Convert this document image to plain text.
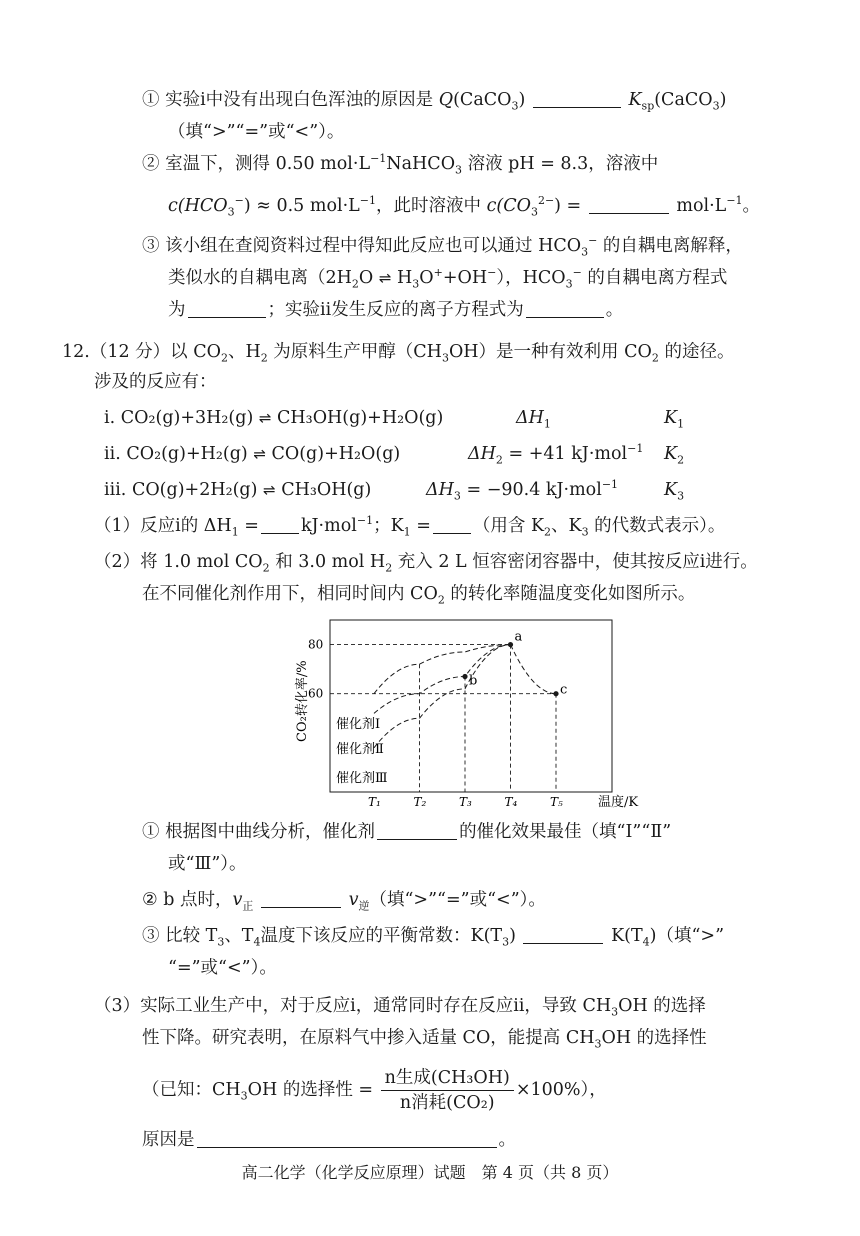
① 实验ⅰ中没有出现白色浑浊的原因是 Q(CaCO$_3$)	$K_{sp}(CaCO_3)$
（填“>”“=”或“<”）。
② 室温下，测得 0.50 $mol\cdot L^{-1}NaHCO_3$ 溶液 pH = 8.3，溶液中
$c(HCO_3^-) \approx 0.5$ $mol\cdot L^{-1}$，此时溶液中 $c(CO_3^{2-})$ =	$mol\cdot L^{-1}$。
③ 该小组在查阅资料过程中得知此反应也可以通过 $HCO_3^-$ 的自耦电离解释，
类似水的自耦电离（$2H_2O$ ⇌ $H_3O^++OH^-$），$HCO_3^-$ 的自耦电离方程式
为	；实验ⅱ发生反应的离子方程式为	。
12.（12 分）以 $CO_2$、$H_2$ 为原料生产甲醇$(CH_3OH)$是一种有效利用 $CO_2$ 的途径。
涉及的反应有：
ⅰ. CO₂(g)+3H₂(g) ⇌ CH₃OH(g)+H₂O(g)	$\Delta H_1$	$K_1$
ⅱ. CO₂(g)+H₂(g) ⇌ CO(g)+H₂O(g)	$\Delta H_2 = +41$ kJ·mol$^{-1}$ $K_2$
ⅲ. CO(g)+2H₂(g) ⇌ CH₃OH(g)	$\Delta H_3 = -90.4$ kJ·mol$^{-1}$	$K_3$
（1）反应ⅰ的 $\Delta H_1 = kJ\cdot mol^{-1}$；$K_1$ = （用含 $K_2$、$K_3$ 的代数式表示）。
（2）将 1.0 mol $CO_2$ 和 3.0 mol $H_2$ 充入 2 L 恒容密闭容器中，使其按反应ⅰ进行。
在不同催化剂作用下，相同时间内 $CO_2$ 的转化率随温度变化如图所示。
a
b
c
80
60
T₁	T₂	T₃	T₄	T₅
CO₂转化率/%
温度/K
催化剂Ⅰ
催化剂Ⅱ
催化剂Ⅲ
① 根据图中曲线分析，催化剂	的催化效果最佳（填“Ⅰ”“Ⅱ”
或“Ⅲ”）。
② b 点时，$v_正$	$v_逆$（填“>”“=”或“<”）。
③ 比较 $T_3$、$T_4$温度下该反应的平衡常数：$K(T_3)$	$K(T_4)$（填“>”
“=”或“<”）。
（3）实际工业生产中，对于反应ⅰ，通常同时存在反应ⅱ，导致 $CH_3OH$ 的选择
性下降。研究表明，在原料气中掺入适量 CO，能提高 $CH_3OH$ 的选择性
（已知：$CH_3OH$ 的选择性 = $\frac{\text{n生成(CH₃OH)}}{\text{n消耗(CO₂)}} \times 100\%$），
原因是	。
高二化学（化学反应原理）试题　第 4 页（共 8 页）
